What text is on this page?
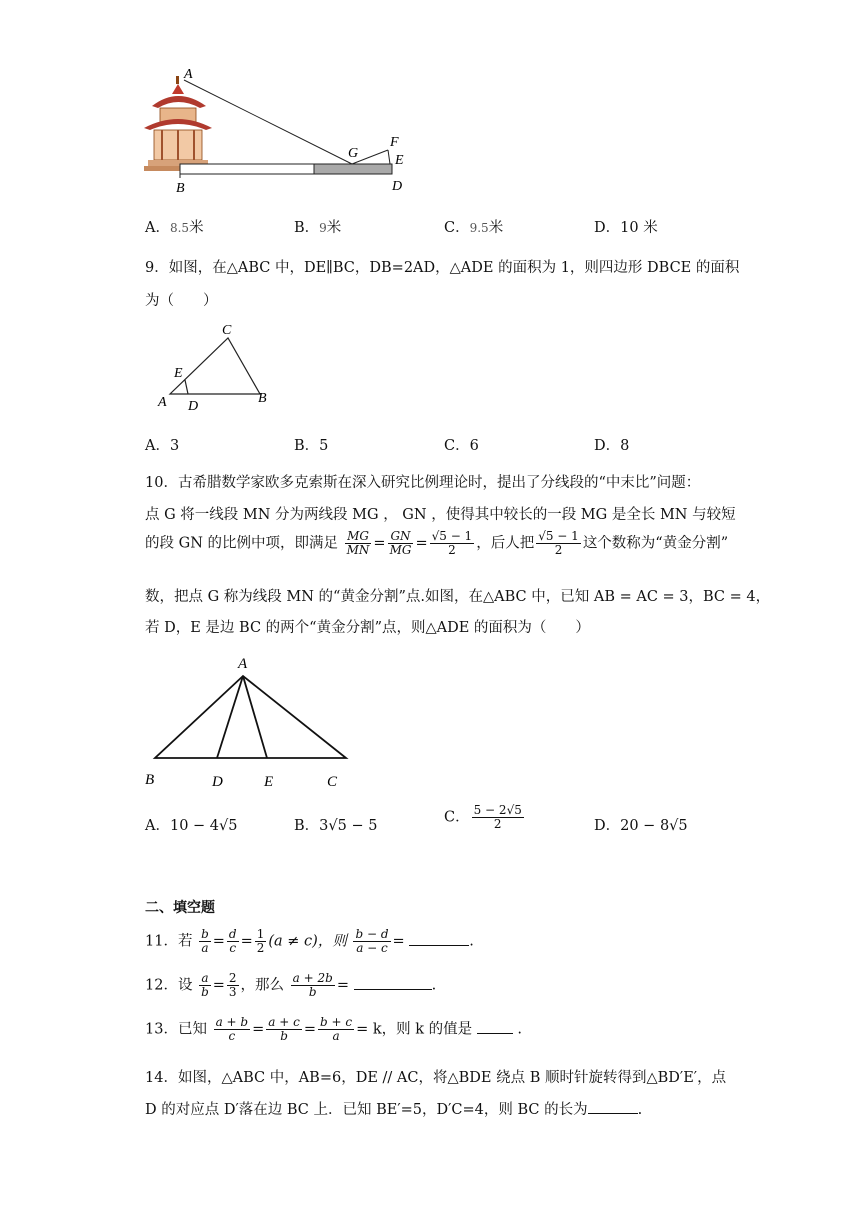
A
B
G
F
E
D
A．8.5米	B．9米	C．9.5米	D．10 米
9．如图，在△ABC 中，DE∥BC，DB=2AD，△ADE 的面积为 1，则四边形 DBCE 的面积
为（　　）
C
E
A D
B
A．3	B．5	C．6	D．8
10．古希腊数学家欧多克索斯在深入研究比例理论时，提出了分线段的“中末比”问题：
点 G 将一线段 MN 分为两线段 MG ， GN ，使得其中较长的一段 MG 是全长 MN 与较短
的段 GN 的比例中项，即满足 $\frac{MG}{MN} = \frac{GN}{MG} = \frac{√5 - 1}{2}$ ，后人把 $\frac{√5 - 1}{2}$ 这个数称为“黄金分割”
数，把点 G 称为线段 MN 的“黄金分割”点.如图，在△ABC 中，已知 AB = AC = 3，BC = 4，
若 D，E 是边 BC 的两个“黄金分割”点，则△ADE 的面积为（　　）
A
B	D	E	C
A．10 − 4√5	B．3√5 − 5
C． $\frac{5 - 2√5}{2}$	D．20 − 8√5
二、填空题
11．若 $\frac{b}{a} = \frac{d}{c} = \frac{1}{2} (a \ne c)$，则 $\frac{b - d}{a - c}$ =	.
12．设 $\frac{a}{b} = \frac{2}{3}$ ，那么 $\frac{a + 2b}{b}$ =	.
13．已知 $\frac{a + b}{c} = \frac{a + c}{b} = \frac{b + c}{a} = k$，则 k 的值是	.
14．如图，△ABC 中，AB=6，DE // AC，将△BDE 绕点 B 顺时针旋转得到△BD′E′，点
D 的对应点 D′落在边 BC 上．已知 BE′=5，D′C=4，则 BC 的长为	.
